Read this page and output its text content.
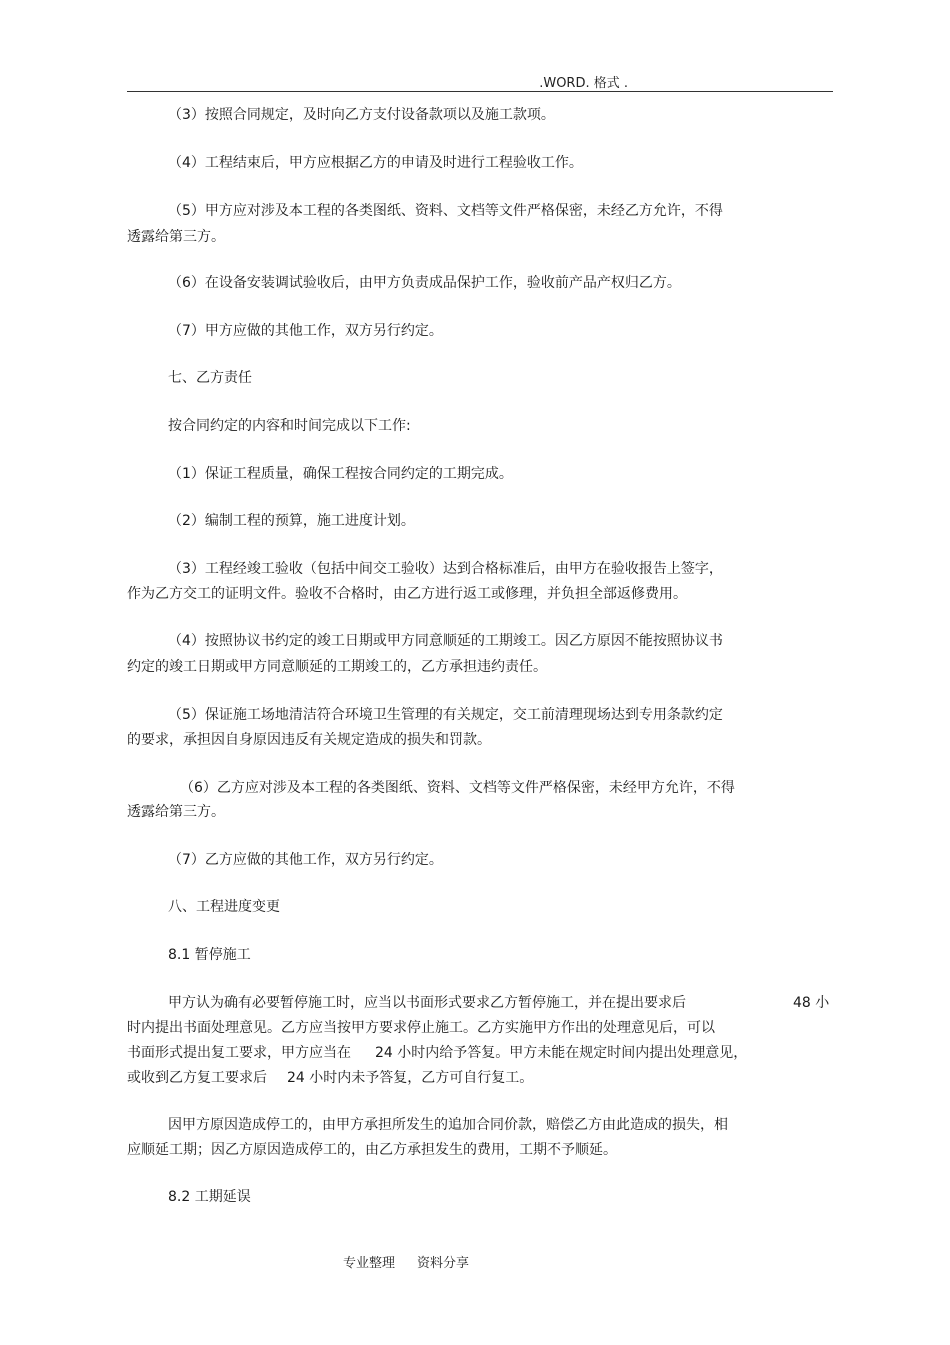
.WORD. 格式 .
（3）按照合同规定，及时向乙方支付设备款项以及施工款项。
（4）工程结束后，甲方应根据乙方的申请及时进行工程验收工作。
（5）甲方应对涉及本工程的各类图纸、资料、文档等文件严格保密，未经乙方允许，不得
透露给第三方。
（6）在设备安装调试验收后，由甲方负责成品保护工作，验收前产品产权归乙方。
（7）甲方应做的其他工作，双方另行约定。
七、乙方责任
按合同约定的内容和时间完成以下工作:
（1）保证工程质量，确保工程按合同约定的工期完成。
（2）编制工程的预算，施工进度计划。
（3）工程经竣工验收（包括中间交工验收）达到合格标准后，由甲方在验收报告上签字，
作为乙方交工的证明文件。验收不合格时，由乙方进行返工或修理，并负担全部返修费用。
（4）按照协议书约定的竣工日期或甲方同意顺延的工期竣工。因乙方原因不能按照协议书
约定的竣工日期或甲方同意顺延的工期竣工的，乙方承担违约责任。
（5）保证施工场地清洁符合环境卫生管理的有关规定，交工前清理现场达到专用条款约定
的要求，承担因自身原因违反有关规定造成的损失和罚款。
（6）乙方应对涉及本工程的各类图纸、资料、文档等文件严格保密，未经甲方允许，不得
透露给第三方。
（7）乙方应做的其他工作，双方另行约定。
八、工程进度变更
8.1 暂停施工
甲方认为确有必要暂停施工时，应当以书面形式要求乙方暂停施工，并在提出要求后	48 小
时内提出书面处理意见。乙方应当按甲方要求停止施工。乙方实施甲方作出的处理意见后，可以
书面形式提出复工要求，甲方应当在 24 小时内给予答复。甲方未能在规定时间内提出处理意见，
或收到乙方复工要求后 24 小时内未予答复，乙方可自行复工。
因甲方原因造成停工的，由甲方承担所发生的追加合同价款，赔偿乙方由此造成的损失，相
应顺延工期；因乙方原因造成停工的，由乙方承担发生的费用，工期不予顺延。
8.2 工期延误
专业整理 资料分享
